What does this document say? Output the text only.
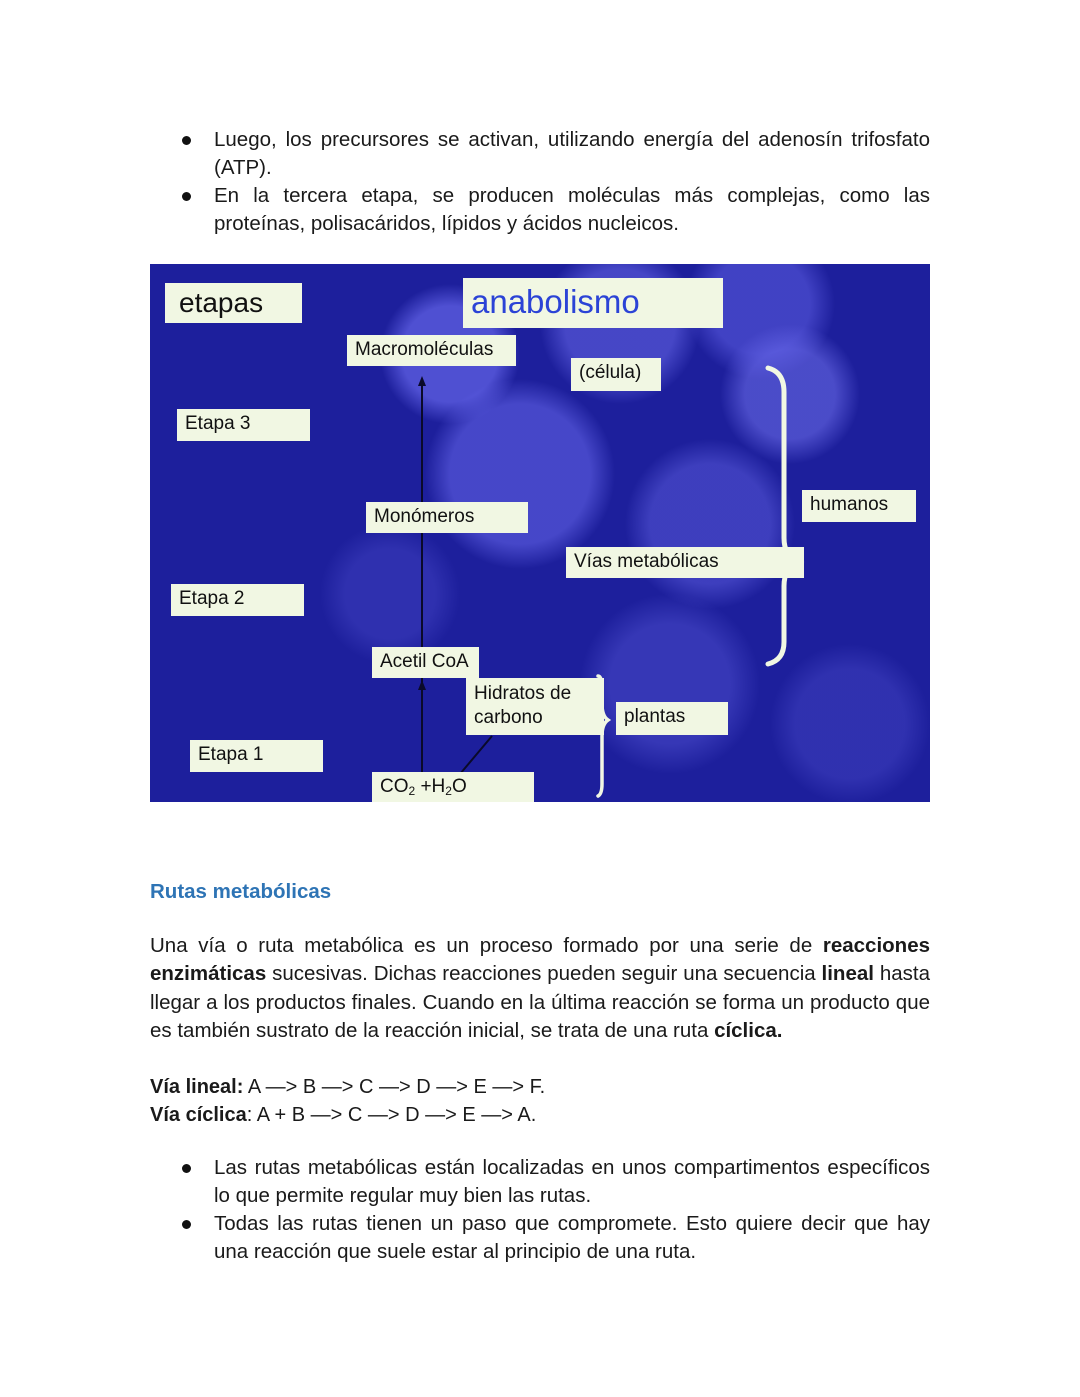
Luego, los precursores se activan, utilizando energía del adenosín trifosfato (ATP).
En la tercera etapa, se producen moléculas más complejas, como las proteínas, polisacáridos, lípidos y ácidos nucleicos.
etapas	anabolismo
Macromoléculas
(célula)
Etapa 3
humanos
Monómeros
Vías metabólicas
Etapa 2
Acetil CoA
Hidratos de carbono	plantas
Etapa 1
$CO_2 +H_2O$
Rutas metabólicas

Una vía o ruta metabólica es un proceso formado por una serie de reacciones enzimáticas sucesivas. Dichas reacciones pueden seguir una secuencia lineal hasta llegar a los productos finales. Cuando en la última reacción se forma un producto que es también sustrato de la reacción inicial, se trata de una ruta cíclica.

Vía lineal: A —> B —> C —> D —> E —> F.

Vía cíclica: A + B —> C —> D —> E —> A.

Las rutas metabólicas están localizadas en unos compartimentos específicos lo que permite regular muy bien las rutas.
Todas las rutas tienen un paso que compromete. Esto quiere decir que hay una reacción que suele estar al principio de una ruta.
